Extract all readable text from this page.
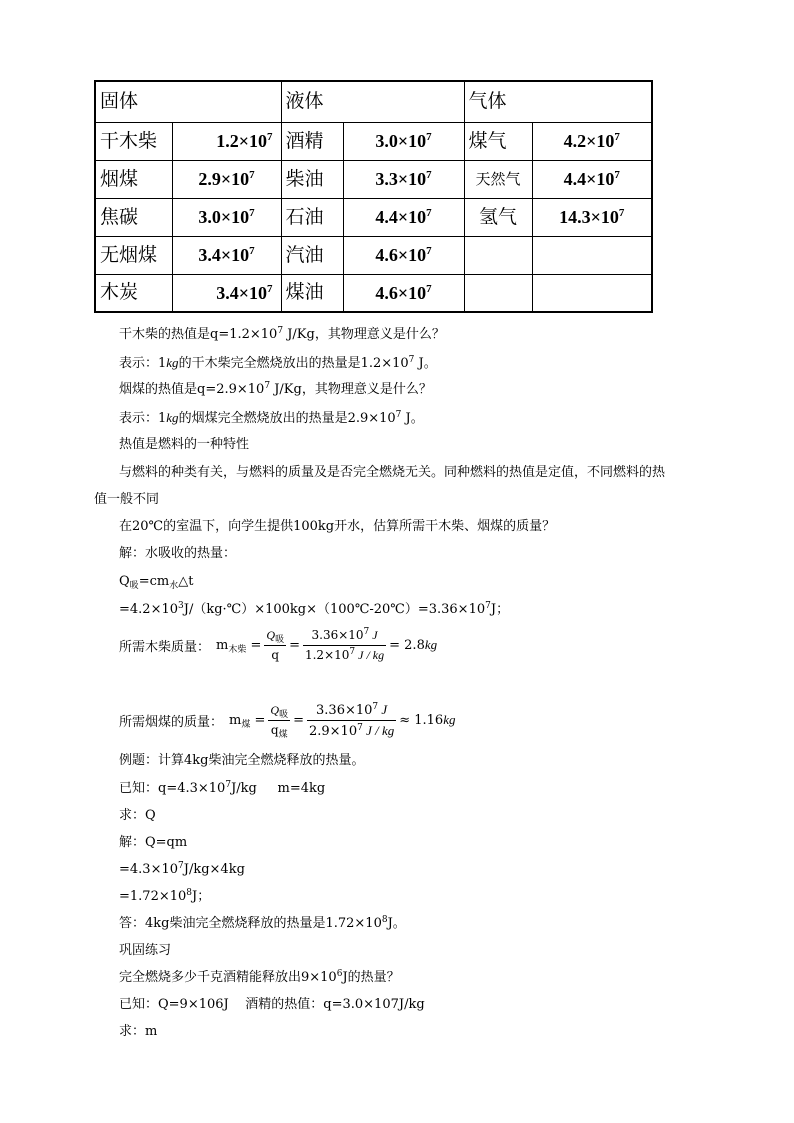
固体		液体		气体	
干木柴	$1.2\times 10^7$	酒精	$3.0\times 10^7$	煤气	$4.2\times 10^7$
烟煤	$2.9\times 10^7$	柴油	$3.3\times 10^7$	天然气	$4.4\times 10^7$
焦碳	$3.0\times 10^7$	石油	$4.4\times 10^7$	氢气	$14.3\times 10^7$
无烟煤	$3.4\times 10^7$	汽油	$4.6\times 10^7$		
木炭	$3.4\times 10^7$	煤油	$4.6\times 10^7$		
干木柴的热值是$q=1.2\times 10^7$ J/Kg，其物理意义是什么？
表示：1kg的干木柴完全燃烧放出的热量是$1.2\times 10^7$ J。
烟煤的热值是$q=2.9\times 10^7$ J/Kg，其物理意义是什么？
表示：1kg的烟煤完全燃烧放出的热量是$2.9\times 10^7$ J。
热值是燃料的一种特性
与燃料的种类有关，与燃料的质量及是否完全燃烧无关。同种燃料的热值是定值，不同燃料的热
值一般不同
在20℃的室温下，向学生提供100kg开水，估算所需干木柴、烟煤的质量？
解：水吸收的热量：
$Q_吸=cm_水\triangle t$
$=4.2\times 10^3J/(kg\cdot℃)\times 100kg\times(100℃-20℃)=3.36\times 10^7J$；
所需木柴质量： $m_{木柴} = \frac{Q_吸}{q} = \frac{3.36\times 10^7 J}{1.2\times 10^7 J / kg} = 2.8$ kg
所需烟煤的质量： $m_煤 = \frac{Q_吸}{q_煤} = \frac{3.36\times 10^7 J}{2.9\times 10^7 J / kg} \approx 1.16$ kg
例题：计算4kg柴油完全燃烧释放的热量。
已知：$q=4.3\times 10^7J/kg$     m=4kg
求：Q
解：Q=qm
$=4.3\times 10^7J/kg\times 4kg$
$=1.72\times 10^8J$；
答：4kg柴油完全燃烧释放的热量是$1.72\times 10^8J$。
巩固练习
完全燃烧多少千克酒精能释放出$9\times 10^6J$的热量？
已知：Q=9×106J    酒精的热值：q=3.0×107J/kg
求：m
